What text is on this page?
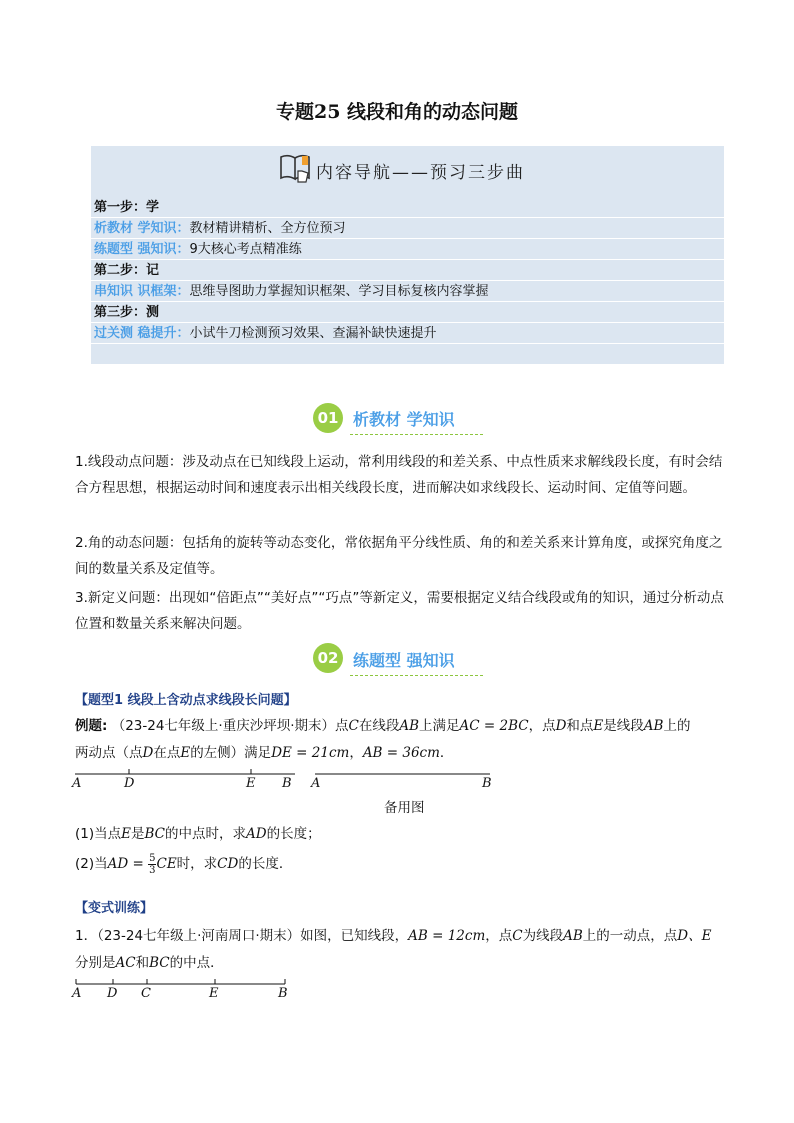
专题25 线段和角的动态问题
内容导航——预习三步曲
第一步：学
析教材 学知识：教材精讲精析、全方位预习
练题型 强知识：9大核心考点精准练
第二步：记
串知识 识框架：思维导图助力掌握知识框架、学习目标复核内容掌握
第三步：测
过关测 稳提升：小试牛刀检测预习效果、查漏补缺快速提升
01 析教材 学知识
1.线段动点问题：涉及动点在已知线段上运动，常利用线段的和差关系、中点性质来求解线段长度，有时会结合方程思想，根据运动时间和速度表示出相关线段长度，进而解决如求线段长、运动时间、定值等问题。
2.角的动态问题：包括角的旋转等动态变化，常依据角平分线性质、角的和差关系来计算角度，或探究角度之间的数量关系及定值等。
3.新定义问题：出现如“倍距点”“美好点”“巧点”等新定义，需要根据定义结合线段或角的知识，通过分析动点位置和数量关系来解决问题。
02 练题型 强知识
【题型1 线段上含动点求线段长问题】
例题: （23-24七年级上·重庆沙坪坝·期末）点C在线段AB上满足AC = 2BC，点D和点E是线段AB上的
两动点（点D在点E的左侧）满足DE = 21cm，AB = 36cm．
A	D	E B A	B
备用图
(1)当点E是BC的中点时，求AD的长度；
(2)当AD = $\frac{5}{3}CE$时，求CD的长度．
【变式训练】
1．（23-24七年级上·河南周口·期末）如图，已知线段，AB = 12cm，点C为线段AB上的一动点，点D、E
分别是AC和BC的中点．
A D C	E	B
